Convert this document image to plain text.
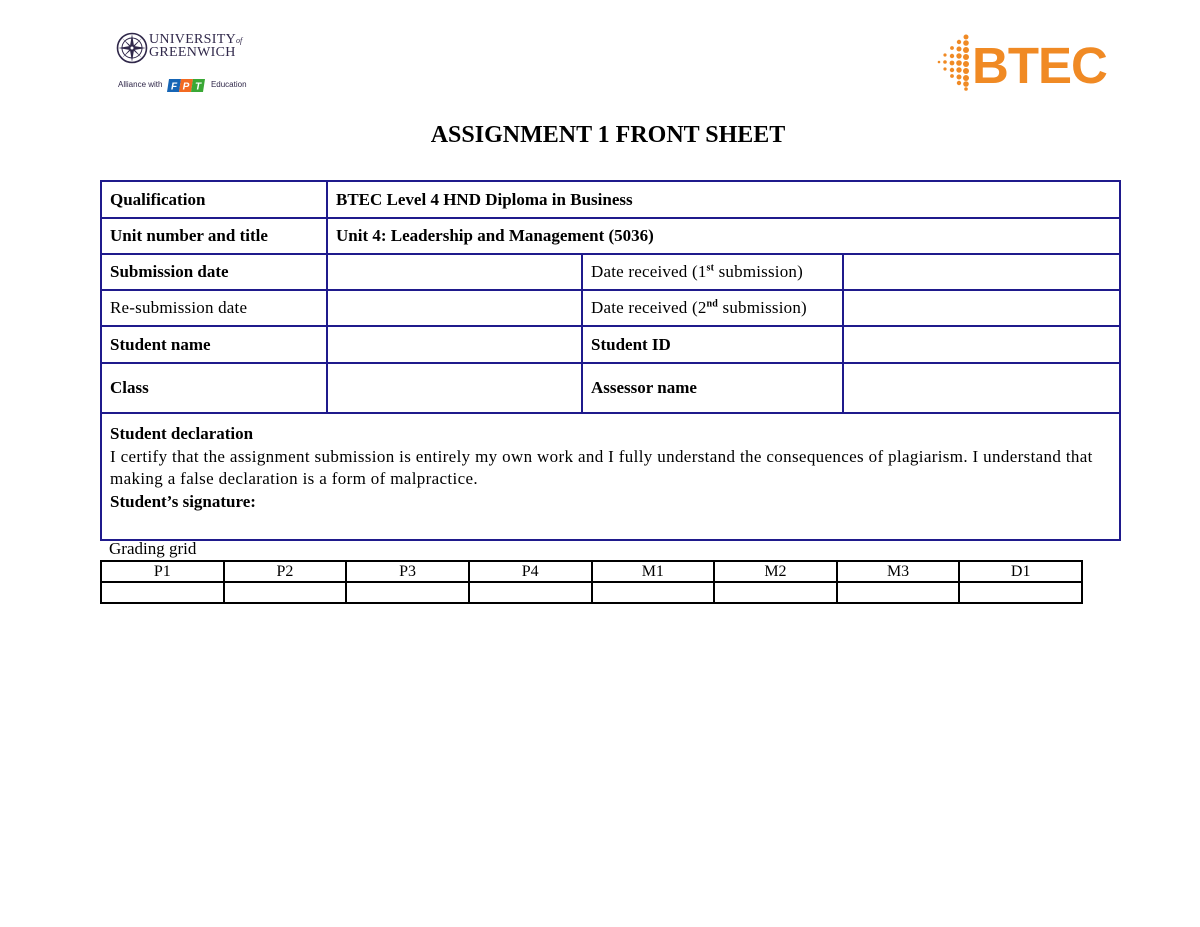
UNIVERSITYof
GREENWICH
Alliance with F P T Education	BTEC
ASSIGNMENT 1 FRONT SHEET
Qualification	BTEC Level 4 HND Diploma in Business		
Unit number and title	Unit 4: Leadership and Management (5036)		
Submission date		Date received (1st submission)	
Re-submission date		Date received (2nd submission)	
Student name		Student ID	
Class		Assessor name	

Student declaration
I certify that the assignment submission is entirely my own work and I fully understand the consequences of plagiarism. I understand that making a false declaration is a form of malpractice.
Student’s signature:			
Grading grid
P1	P2	P3	P4	M1	M2	M3	D1
